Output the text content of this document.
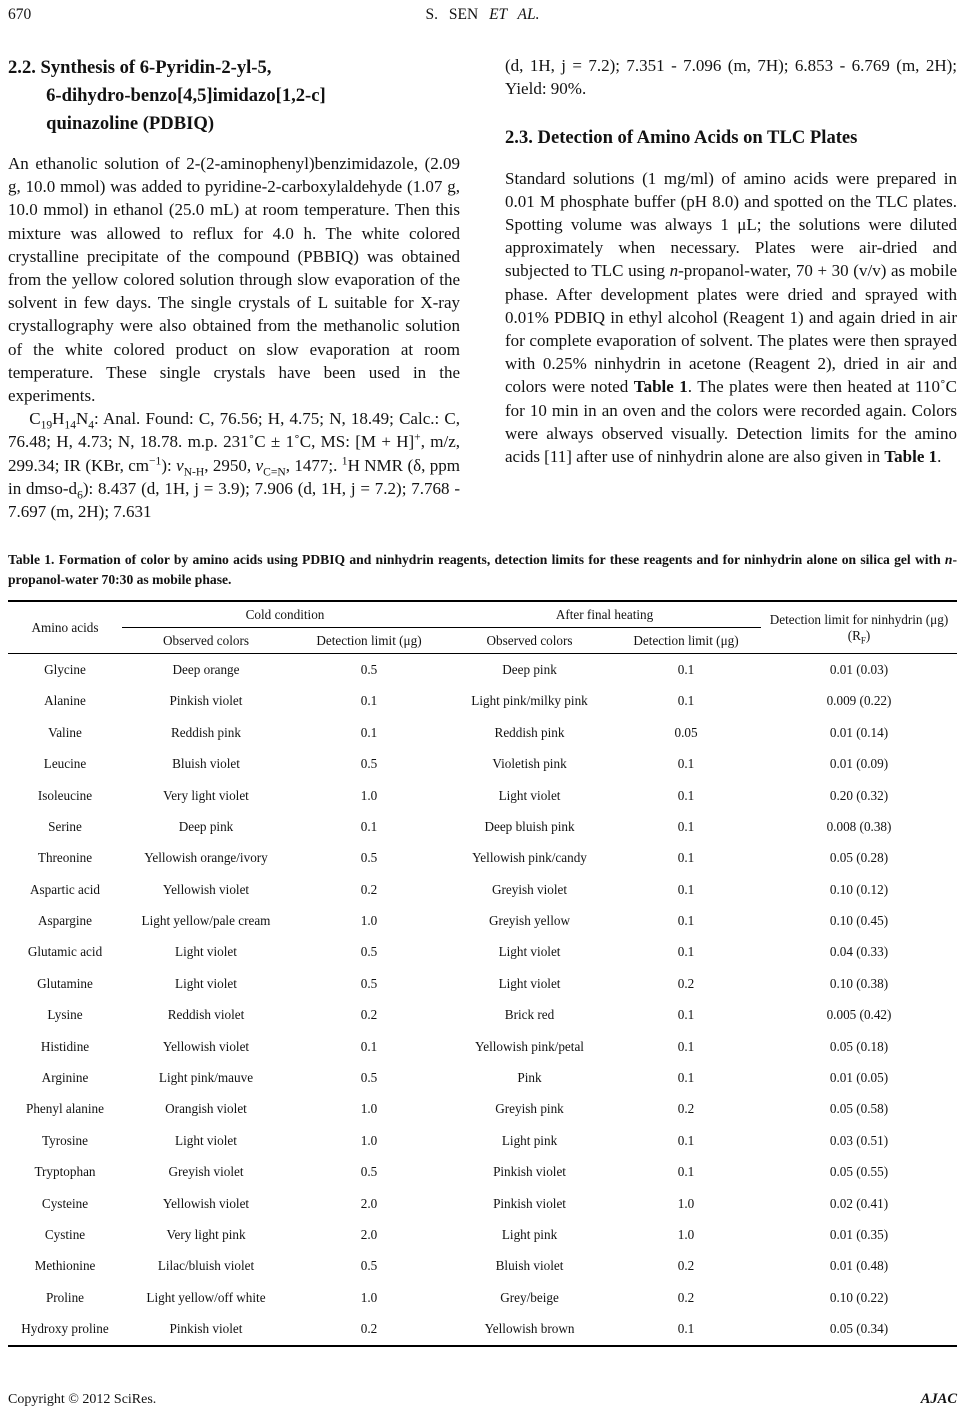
670	S. SEN ET AL.
2.2. Synthesis of 6-Pyridin-2-yl-5,
6-dihydro-benzo[4,5]imidazo[1,2-c]
quinazoline (PDBIQ)

An ethanolic solution of 2-(2-aminophenyl)benzimidazole, (2.09 g, 10.0 mmol) was added to pyridine-2-carboxylaldehyde (1.07 g, 10.0 mmol) in ethanol (25.0 mL) at room temperature. Then this mixture was allowed to reflux for 4.0 h. The white colored crystalline precipitate of the compound (PBBIQ) was obtained from the yellow colored solution through slow evaporation of the solvent in few days. The single crystals of L suitable for X-ray crystallography were also obtained from the methanolic solution of the white colored product on slow evaporation at room temperature. These single crystals have been used in the experiments.

$C_{19}H_{14}N_4$: Anal. Found: C, 76.56; H, 4.75; N, 18.49; Calc.: C, 76.48; H, 4.73; N, 18.78. m.p. 231˚C ± 1˚C, MS: [M + H]+, m/z, 299.34; IR (KBr, $cm^{-1}$): $\nu_{N-H}$, 2950, $\nu_{C=N}$, 1477;. $^1$H NMR (δ, ppm in dmso-$d_6$): 8.437 (d, 1H, j = 3.9); 7.906 (d, 1H, j = 7.2); 7.768 - 7.697 (m, 2H); 7.631

(d, 1H, j = 7.2); 7.351 - 7.096 (m, 7H); 6.853 - 6.769 (m, 2H); Yield: 90%.

2.3. Detection of Amino Acids on TLC Plates

Standard solutions (1 mg/ml) of amino acids were prepared in 0.01 M phosphate buffer (pH 8.0) and spotted on the TLC plates. Spotting volume was always 1 μL; the solutions were diluted approximately when necessary. Plates were air-dried and subjected to TLC using n-propanol-water, 70 + 30 (v/v) as mobile phase. After development plates were dried and sprayed with 0.01% PDBIQ in ethyl alcohol (Reagent 1) and again dried in air for complete evaporation of solvent. The plates were then sprayed with 0.25% ninhydrin in acetone (Reagent 2), dried in air and colors were noted Table 1. The plates were then heated at 110˚C for 10 min in an oven and the colors were recorded again. Colors were always observed visually. Detection limits for the amino acids [11] after use of ninhydrin alone are also given in Table 1.

Table 1. Formation of color by amino acids using PDBIQ and ninhydrin reagents, detection limits for these reagents and for ninhydrin alone on silica gel with n-propanol-water 70:30 as mobile phase.
Amino acids	Cold condition		After final heating		Detection limit for ninhydrin (μg) $(R_F)$
	Observed colors	Detection limit (μg)	Observed colors	Detection limit (μg)	
Glycine	Deep orange	0.5	Deep pink	0.1	0.01 (0.03)
Alanine	Pinkish violet	0.1	Light pink/milky pink	0.1	0.009 (0.22)
Valine	Reddish pink	0.1	Reddish pink	0.05	0.01 (0.14)
Leucine	Bluish violet	0.5	Violetish pink	0.1	0.01 (0.09)
Isoleucine	Very light violet	1.0	Light violet	0.1	0.20 (0.32)
Serine	Deep pink	0.1	Deep bluish pink	0.1	0.008 (0.38)
Threonine	Yellowish orange/ivory	0.5	Yellowish pink/candy	0.1	0.05 (0.28)
Aspartic acid	Yellowish violet	0.2	Greyish violet	0.1	0.10 (0.12)
Aspargine	Light yellow/pale cream	1.0	Greyish yellow	0.1	0.10 (0.45)
Glutamic acid	Light violet	0.5	Light violet	0.1	0.04 (0.33)
Glutamine	Light violet	0.5	Light violet	0.2	0.10 (0.38)
Lysine	Reddish violet	0.2	Brick red	0.1	0.005 (0.42)
Histidine	Yellowish violet	0.1	Yellowish pink/petal	0.1	0.05 (0.18)
Arginine	Light pink/mauve	0.5	Pink	0.1	0.01 (0.05)
Phenyl alanine	Orangish violet	1.0	Greyish pink	0.2	0.05 (0.58)
Tyrosine	Light violet	1.0	Light pink	0.1	0.03 (0.51)
Tryptophan	Greyish violet	0.5	Pinkish violet	0.1	0.05 (0.55)
Cysteine	Yellowish violet	2.0	Pinkish violet	1.0	0.02 (0.41)
Cystine	Very light pink	2.0	Light pink	1.0	0.01 (0.35)
Methionine	Lilac/bluish violet	0.5	Bluish violet	0.2	0.01 (0.48)
Proline	Light yellow/off white	1.0	Grey/beige	0.2	0.10 (0.22)
Hydroxy proline	Pinkish violet	0.2	Yellowish brown	0.1	0.05 (0.34)
Copyright © 2012 SciRes.	AJAC
